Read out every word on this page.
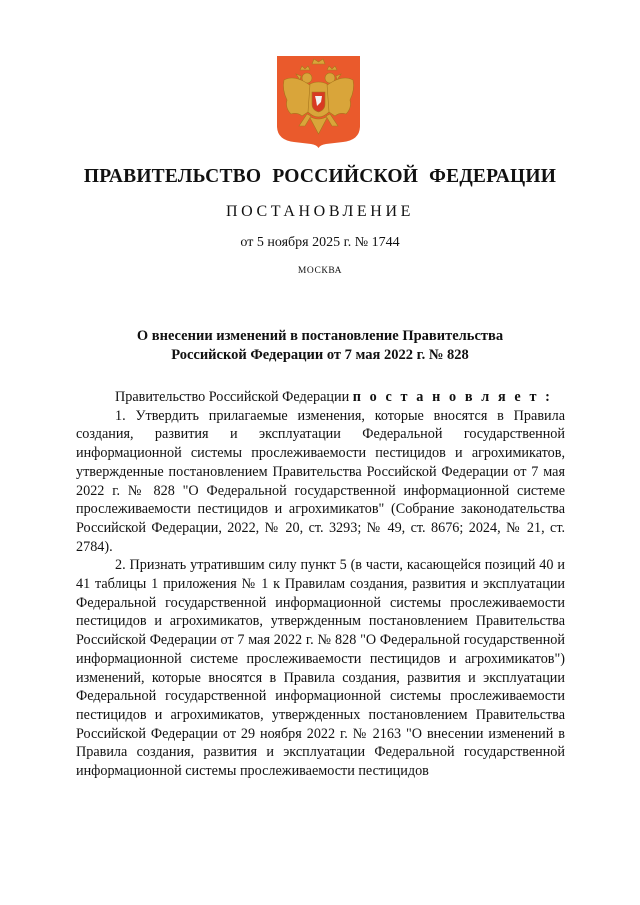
ПРАВИТЕЛЬСТВО РОССИЙСКОЙ ФЕДЕРАЦИИ
ПОСТАНОВЛЕНИЕ
от 5 ноября 2025 г. № 1744
МОСКВА
О внесении изменений в постановление Правительства
Российской Федерации от 7 мая 2022 г. № 828

Правительство Российской Федерации п о с т а н о в л я е т :

1. Утвердить прилагаемые изменения, которые вносятся в Правила создания, развития и эксплуатации Федеральной государственной информационной системы прослеживаемости пестицидов и агрохимикатов, утвержденные постановлением Правительства Российской Федерации от 7 мая 2022 г. № 828 "О Федеральной государственной информационной системе прослеживаемости пестицидов и агрохимикатов" (Собрание законодательства Российской Федерации, 2022, № 20, ст. 3293; № 49, ст. 8676; 2024, № 21, ст. 2784).

2. Признать утратившим силу пункт 5 (в части, касающейся позиций 40 и 41 таблицы 1 приложения № 1 к Правилам создания, развития и эксплуатации Федеральной государственной информационной системы прослеживаемости пестицидов и агрохимикатов, утвержденным постановлением Правительства Российской Федерации от 7 мая 2022 г. № 828 "О Федеральной государственной информационной системе прослеживаемости пестицидов и агрохимикатов") изменений, которые вносятся в Правила создания, развития и эксплуатации Федеральной государственной информационной системы прослеживаемости пестицидов и агрохимикатов, утвержденных постановлением Правительства Российской Федерации от 29 ноября 2022 г. № 2163 "О внесении изменений в Правила создания, развития и эксплуатации Федеральной государственной информационной системы прослеживаемости пестицидов
